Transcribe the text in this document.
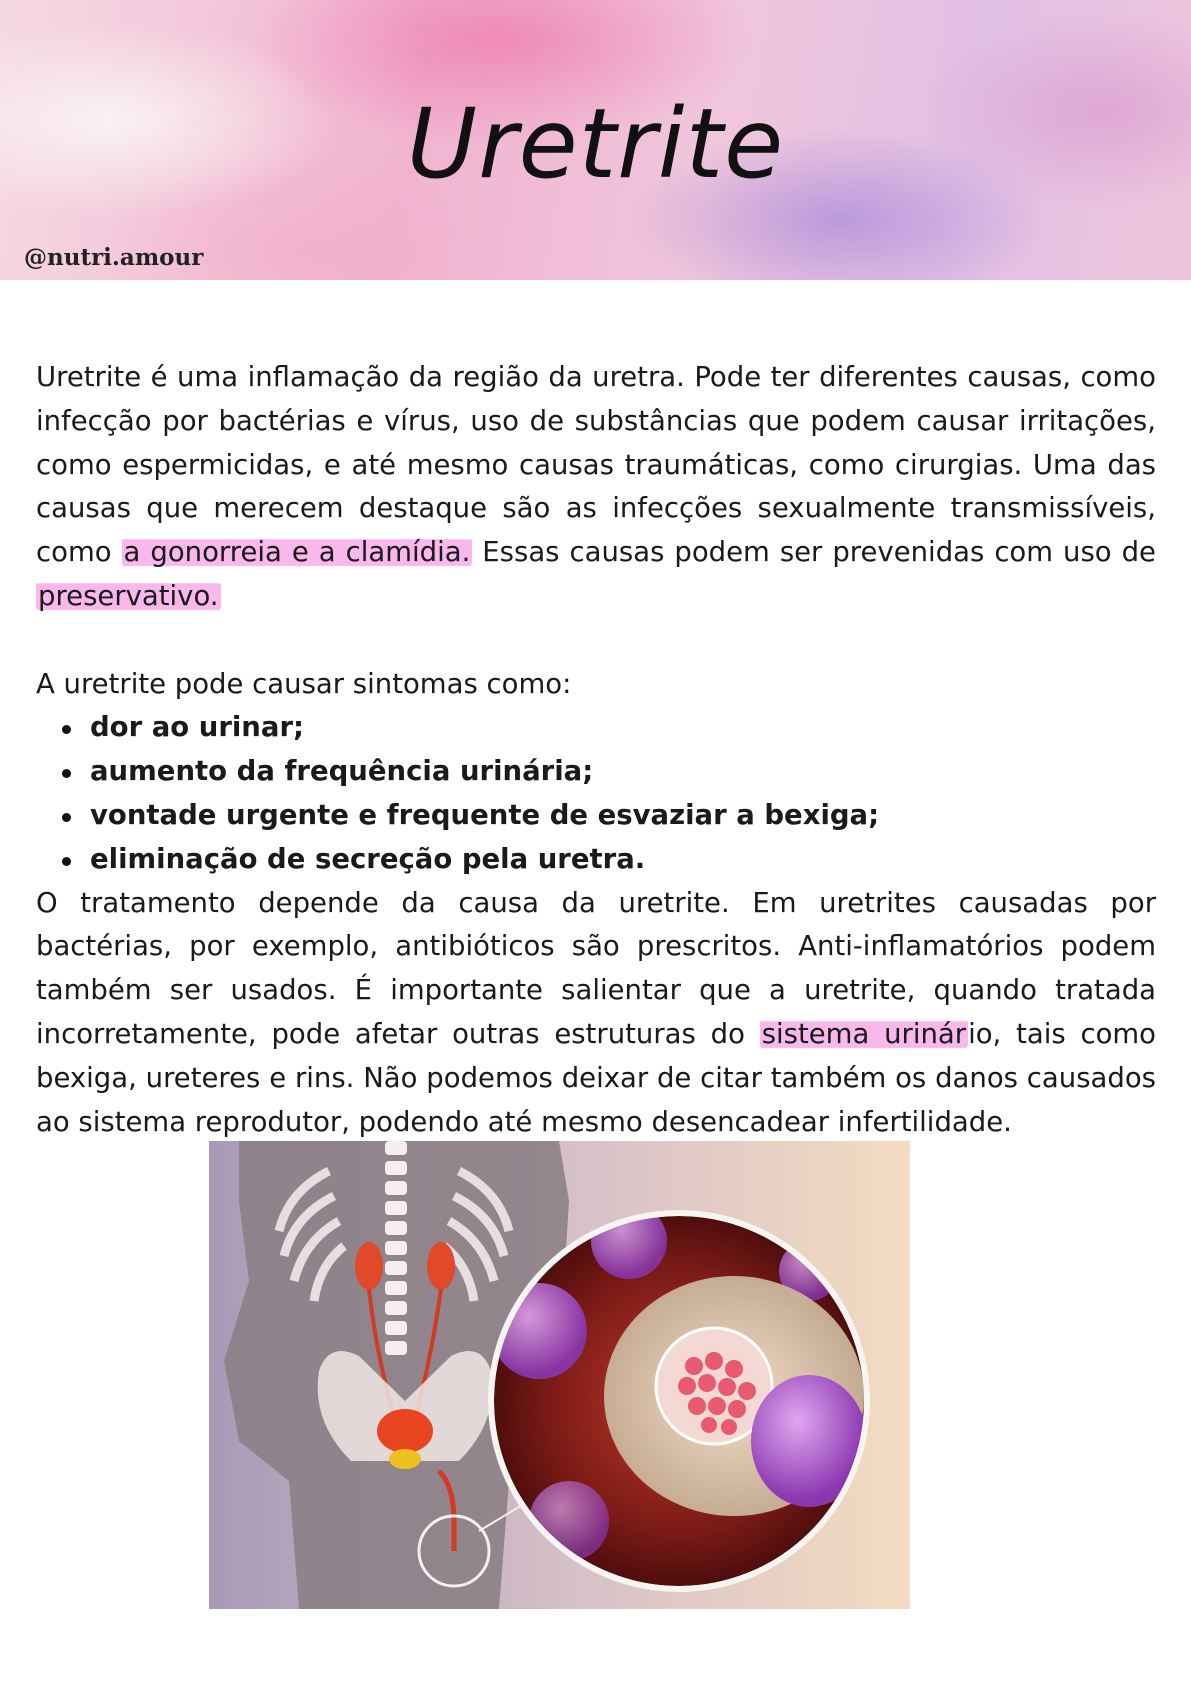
Uretrite
@nutri.amour

Uretrite é uma inflamação da região da uretra. Pode ter diferentes causas, como infecção por bactérias e vírus, uso de substâncias que podem causar irritações, como espermicidas, e até mesmo causas traumáticas, como cirurgias. Uma das causas que merecem destaque são as infecções sexualmente transmissíveis, como a gonorreia e a clamídia. Essas causas podem ser prevenidas com uso de preservativo.

A uretrite pode causar sintomas como:

dor ao urinar;
aumento da frequência urinária;
vontade urgente e frequente de esvaziar a bexiga;
eliminação de secreção pela uretra.

O tratamento depende da causa da uretrite. Em uretrites causadas por bactérias, por exemplo, antibióticos são prescritos. Anti-inflamatórios podem também ser usados. É importante salientar que a uretrite, quando tratada incorretamente, pode afetar outras estruturas do sistema urinário, tais como bexiga, ureteres e rins. Não podemos deixar de citar também os danos causados ao sistema reprodutor, podendo até mesmo desencadear infertilidade.
